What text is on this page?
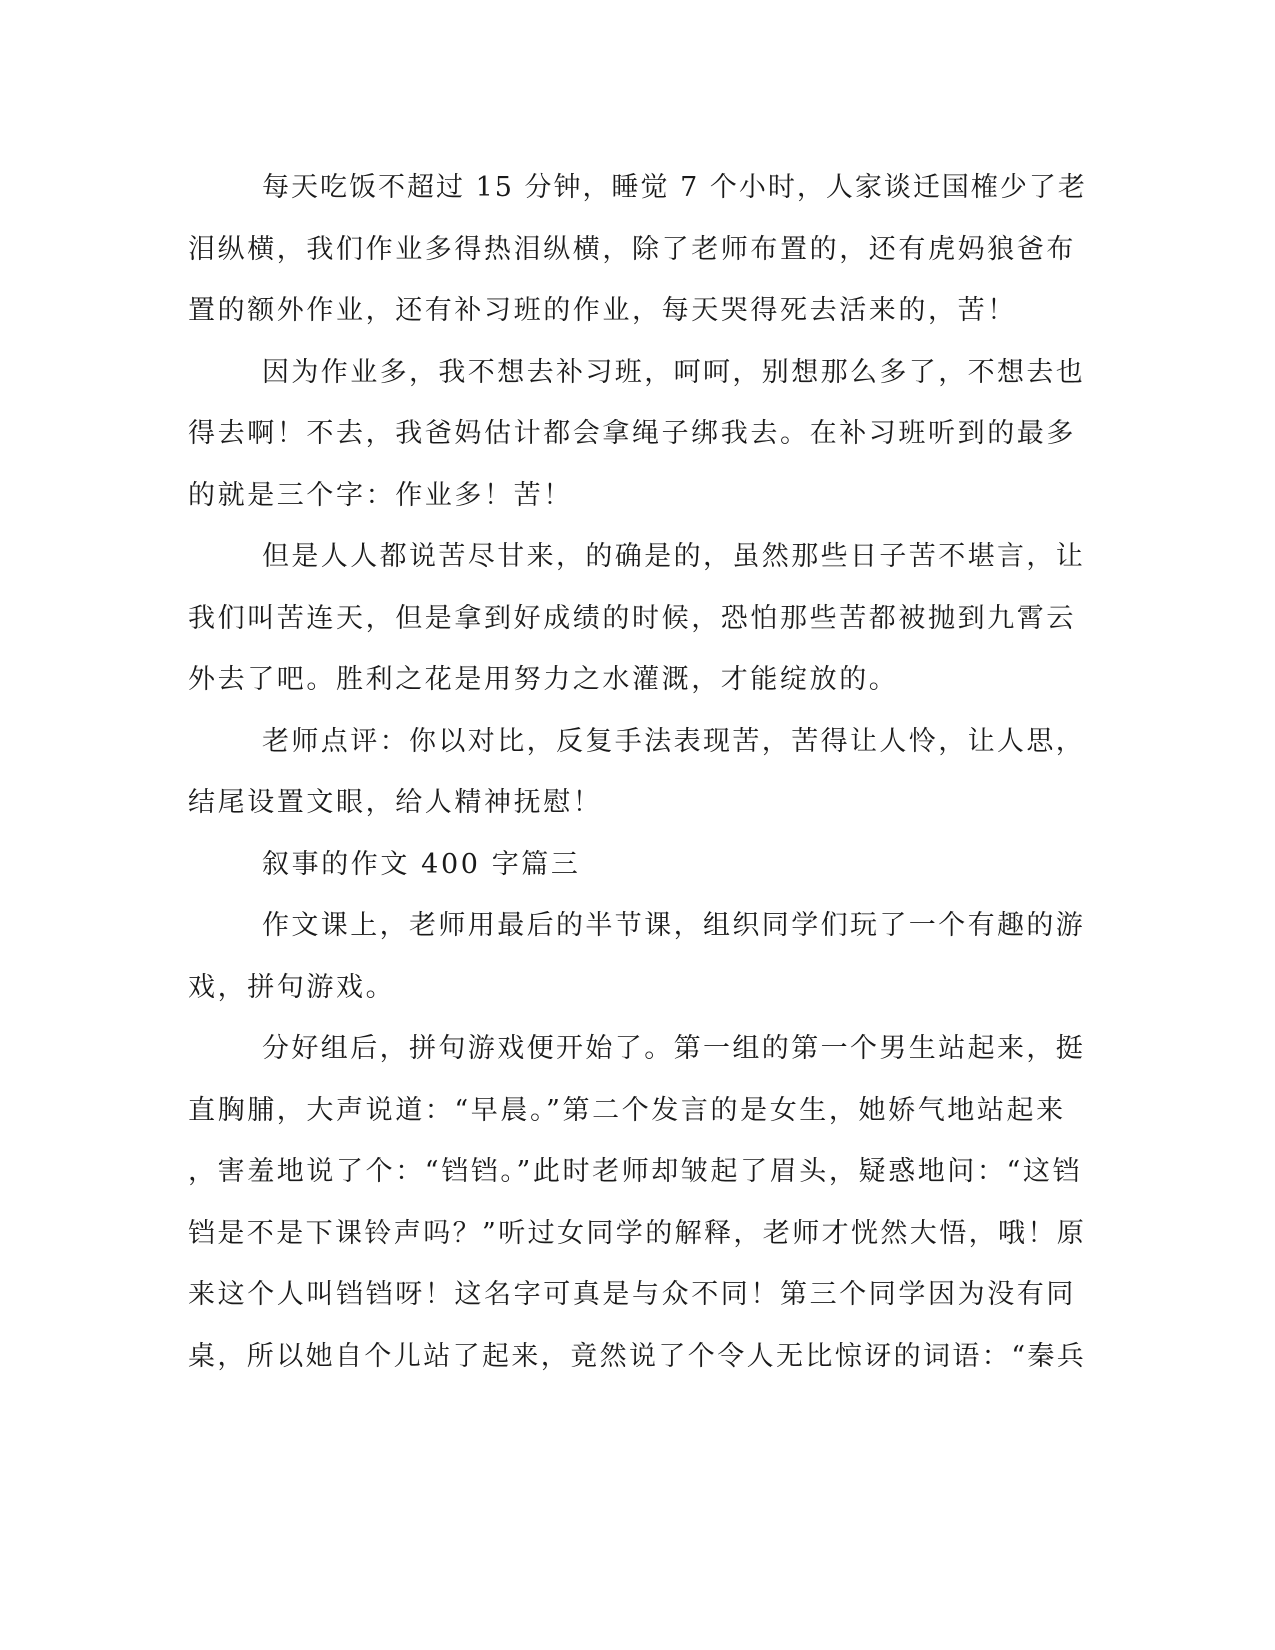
每天吃饭不超过 15 分钟，睡觉 7 个小时，人家谈迁国榷少了老
泪纵横，我们作业多得热泪纵横，除了老师布置的，还有虎妈狼爸布
置的额外作业，还有补习班的作业，每天哭得死去活来的，苦！
因为作业多，我不想去补习班，呵呵，别想那么多了，不想去也
得去啊！不去，我爸妈估计都会拿绳子绑我去。在补习班听到的最多
的就是三个字：作业多！苦！
但是人人都说苦尽甘来，的确是的，虽然那些日子苦不堪言，让
我们叫苦连天，但是拿到好成绩的时候，恐怕那些苦都被抛到九霄云
外去了吧。胜利之花是用努力之水灌溉，才能绽放的。
老师点评：你以对比，反复手法表现苦，苦得让人怜，让人思，
结尾设置文眼，给人精神抚慰！
叙事的作文 400 字篇三
作文课上，老师用最后的半节课，组织同学们玩了一个有趣的游
戏，拼句游戏。
分好组后，拼句游戏便开始了。第一组的第一个男生站起来，挺
直胸脯，大声说道：“早晨。”第二个发言的是女生，她娇气地站起来
，害羞地说了个：“铛铛。”此时老师却皱起了眉头，疑惑地问：“这铛
铛是不是下课铃声吗？”听过女同学的解释，老师才恍然大悟，哦！原
来这个人叫铛铛呀！这名字可真是与众不同！第三个同学因为没有同
桌，所以她自个儿站了起来，竟然说了个令人无比惊讶的词语：“秦兵
